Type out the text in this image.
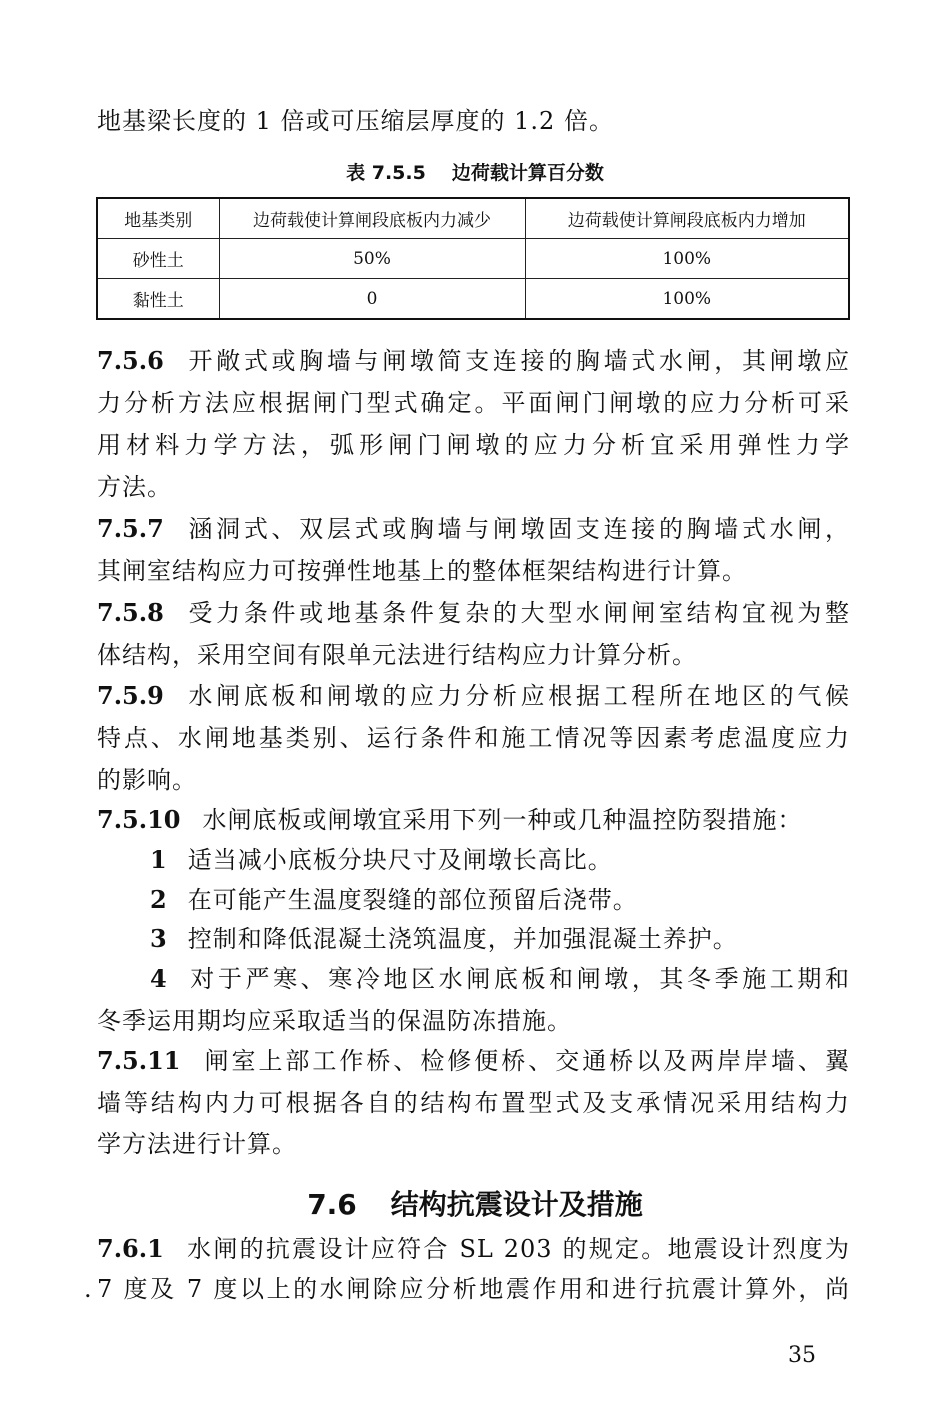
地基梁长度的 1 倍或可压缩层厚度的 1.2 倍。
表 7.5.5 边荷载计算百分数
地基类别	边荷载使计算闸段底板内力减少	边荷载使计算闸段底板内力增加
砂性土	50%	100%
黏性土	0	100%
7.5.6 开敞式或胸墙与闸墩简支连接的胸墙式水闸，其闸墩应
力分析方法应根据闸门型式确定。平面闸门闸墩的应力分析可采
用材料力学方法，弧形闸门闸墩的应力分析宜采用弹性力学
方法。
7.5.7 涵洞式、双层式或胸墙与闸墩固支连接的胸墙式水闸，
其闸室结构应力可按弹性地基上的整体框架结构进行计算。
7.5.8 受力条件或地基条件复杂的大型水闸闸室结构宜视为整
体结构，采用空间有限单元法进行结构应力计算分析。
7.5.9 水闸底板和闸墩的应力分析应根据工程所在地区的气候
特点、水闸地基类别、运行条件和施工情况等因素考虑温度应力
的影响。
7.5.10 水闸底板或闸墩宜采用下列一种或几种温控防裂措施：
1 适当减小底板分块尺寸及闸墩长高比。
2 在可能产生温度裂缝的部位预留后浇带。
3 控制和降低混凝土浇筑温度，并加强混凝土养护。
4 对于严寒、寒冷地区水闸底板和闸墩，其冬季施工期和
冬季运用期均应采取适当的保温防冻措施。
7.5.11 闸室上部工作桥、检修便桥、交通桥以及两岸岸墙、翼
墙等结构内力可根据各自的结构布置型式及支承情况采用结构力
学方法进行计算。
7.6 结构抗震设计及措施
7.6.1 水闸的抗震设计应符合 SL 203 的规定。地震设计烈度为
. 7 度及 7 度以上的水闸除应分析地震作用和进行抗震计算外，尚
35
